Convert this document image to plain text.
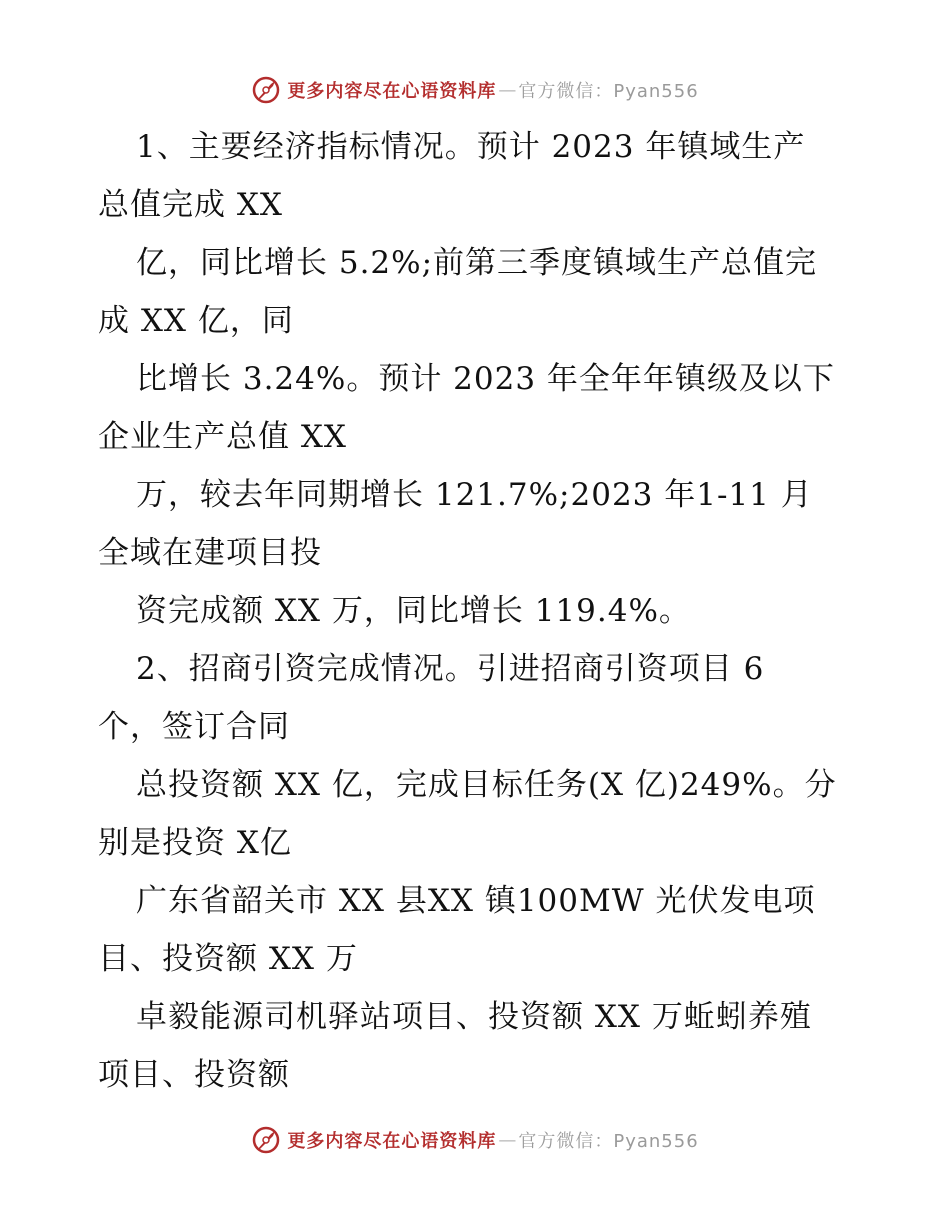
更多内容尽在心语资料库 — 官方微信：Pyan556
1、主要经济指标情况。预计 2023 年镇域生产
总值完成 XX
亿，同比增长 5.2%;前第三季度镇域生产总值完
成 XX 亿，同
比增长 3.24%。预计 2023 年全年年镇级及以下
企业生产总值 XX
万，较去年同期增长 121.7%;2023 年1-11 月
全域在建项目投
资完成额 XX 万，同比增长 119.4%。
2、招商引资完成情况。引进招商引资项目 6
个，签订合同
总投资额 XX 亿，完成目标任务(X 亿)249%。分
别是投资 X亿
广东省韶关市 XX 县XX 镇100MW 光伏发电项
目、投资额 XX 万
卓毅能源司机驿站项目、投资额 XX 万蚯蚓养殖
项目、投资额
更多内容尽在心语资料库 — 官方微信：Pyan556
